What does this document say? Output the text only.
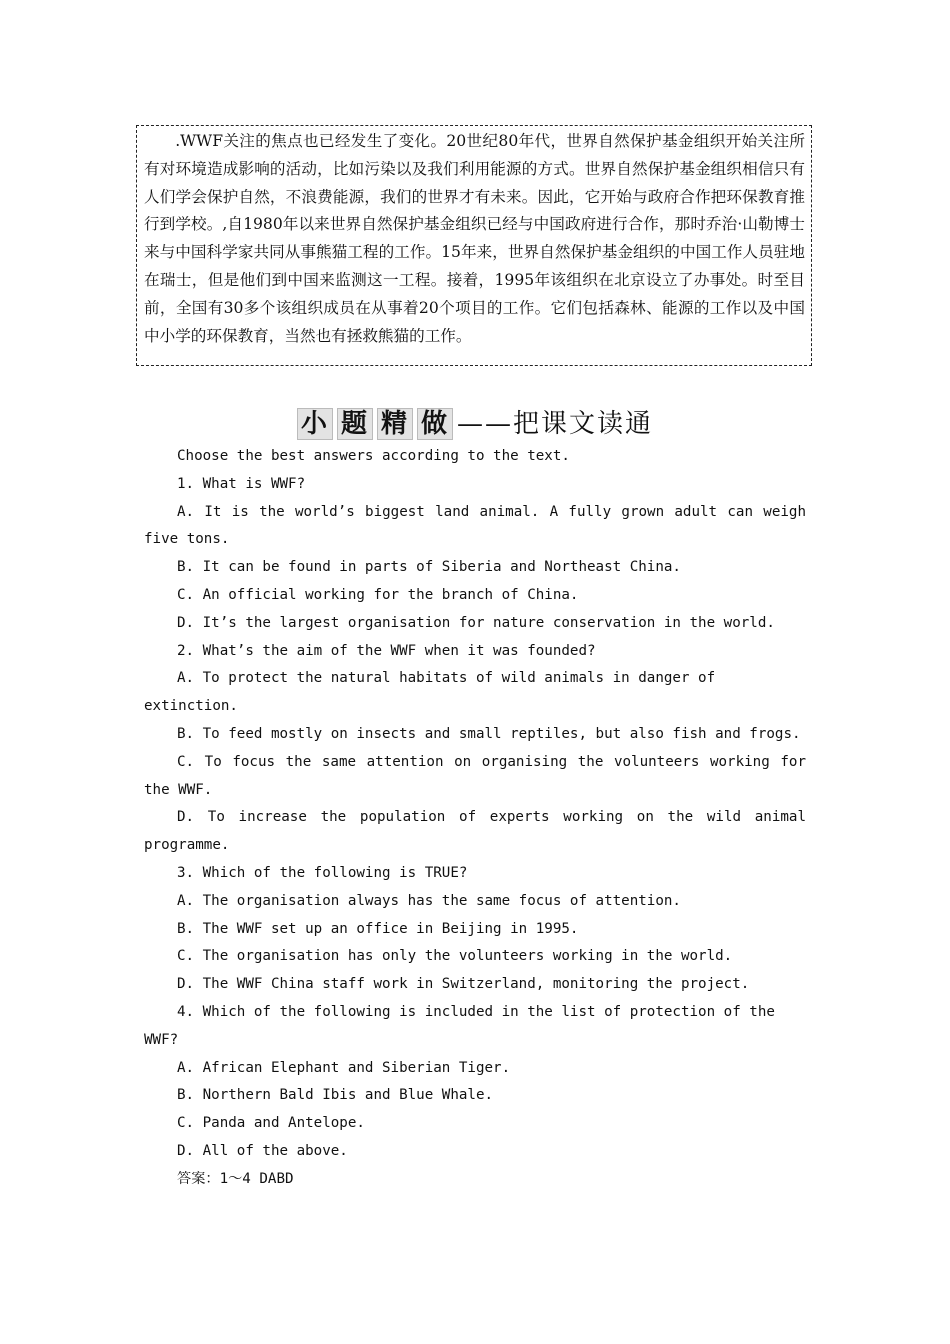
.WWF关注的焦点也已经发生了变化。20世纪80年代，世界自然保护基金组织开始关注所有对环境造成影响的活动，比如污染以及我们利用能源的方式。世界自然保护基金组织相信只有人们学会保护自然，不浪费能源，我们的世界才有未来。因此，它开始与政府合作把环保教育推行到学校。,自1980年以来世界自然保护基金组织已经与中国政府进行合作，那时乔治·山勒博士来与中国科学家共同从事熊猫工程的工作。15年来，世界自然保护基金组织的中国工作人员驻地在瑞士，但是他们到中国来监测这一工程。接着，1995年该组织在北京设立了办事处。时至目前，全国有30多个该组织成员在从事着20个项目的工作。它们包括森林、能源的工作以及中国中小学的环保教育，当然也有拯救熊猫的工作。

小 题 精 做 ——把课文读通

Choose the best answers according to the text.

1. What is WWF?

A. It is the world’s biggest land animal. A fully grown adult can weigh five tons.

B. It can be found in parts of Siberia and Northeast China.

C. An official working for the branch of China.

D. It’s the largest organisation for nature conservation in the world.

2. What’s the aim of the WWF when it was founded?

A. To protect the natural habitats of wild animals in danger of extinction.

B. To feed mostly on insects and small reptiles, but also fish and frogs.

C. To focus the same attention on organising the volunteers working for the WWF.

D. To increase the population of experts working on the wild animal programme.

3. Which of the following is TRUE?

A. The organisation always has the same focus of attention.

B. The WWF set up an office in Beijing in 1995.

C. The organisation has only the volunteers working in the world.

D. The WWF China staff work in Switzerland, monitoring the project.

4. Which of the following is included in the list of protection of the WWF?

A. African Elephant and Siberian Tiger.

B. Northern Bald Ibis and Blue Whale.

C. Panda and Antelope.

D. All of the above.

答案：1～4 DABD
